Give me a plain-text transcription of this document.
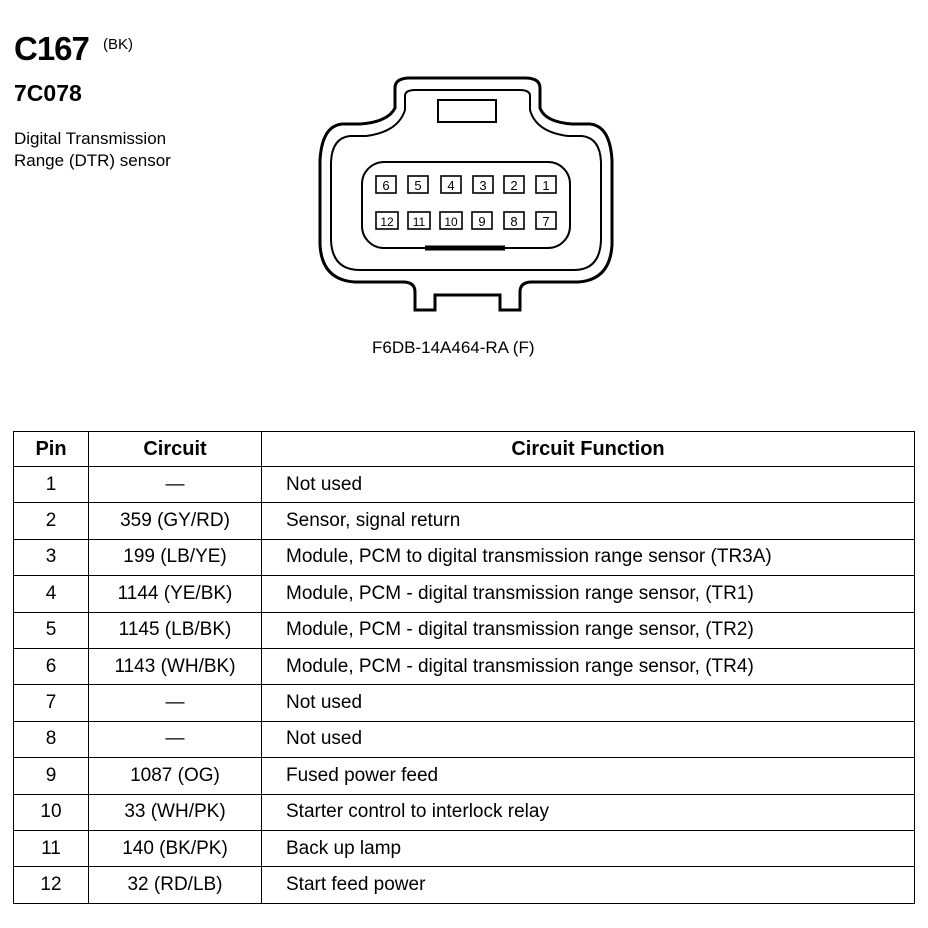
C167 (BK)
7C078
Digital Transmission
Range (DTR) sensor
6 5 4 3 2 1
12 11 10 9 8 7
F6DB-14A464-RA (F)
Pin	Circuit	Circuit Function
1	—	Not used
2	359 (GY/RD)	Sensor, signal return
3	199 (LB/YE)	Module, PCM to digital transmission range sensor (TR3A)
4	1144 (YE/BK)	Module, PCM - digital transmission range sensor, (TR1)
5	1145 (LB/BK)	Module, PCM - digital transmission range sensor, (TR2)
6	1143 (WH/BK)	Module, PCM - digital transmission range sensor, (TR4)
7	—	Not used
8	—	Not used
9	1087 (OG)	Fused power feed
10	33 (WH/PK)	Starter control to interlock relay
11	140 (BK/PK)	Back up lamp
12	32 (RD/LB)	Start feed power
